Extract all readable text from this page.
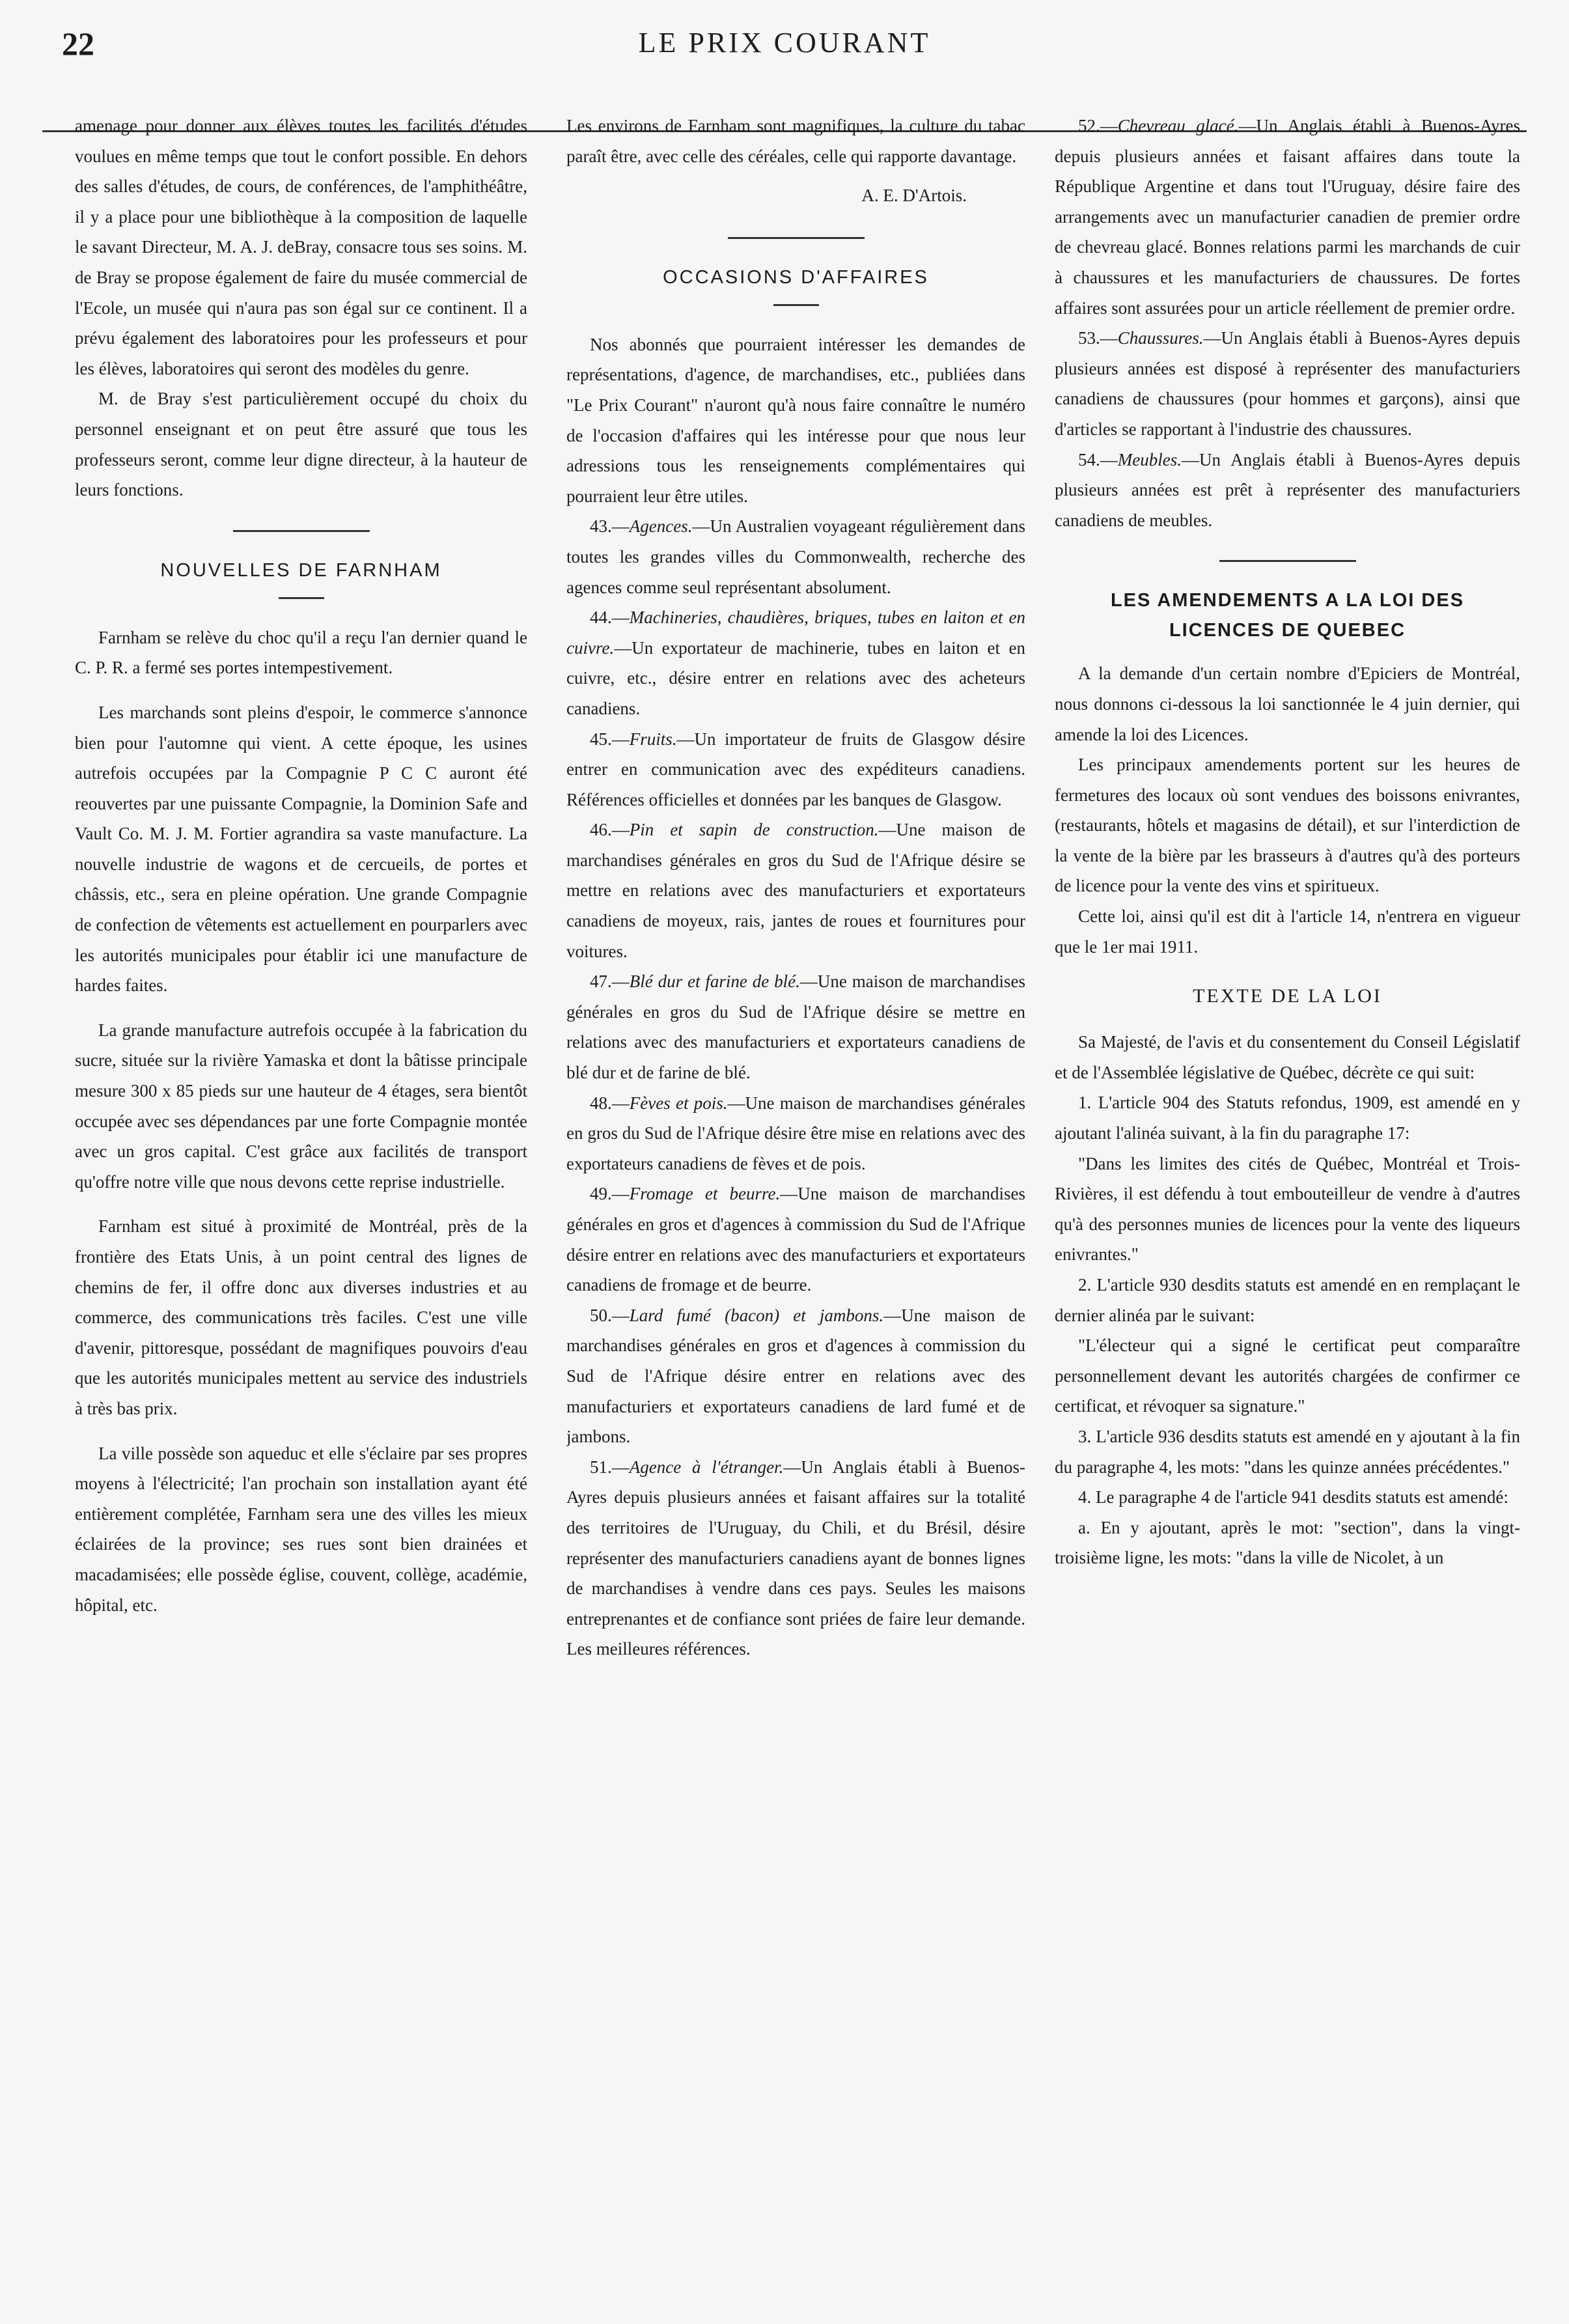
22	LE PRIX COURANT

amenage pour donner aux élèves toutes les facilités d'études voulues en même temps que tout le confort possible. En dehors des salles d'études, de cours, de conférences, de l'amphithéâtre, il y a place pour une bibliothèque à la composition de laquelle le savant Directeur, M. A. J. deBray, consacre tous ses soins. M. de Bray se propose également de faire du musée commercial de l'Ecole, un musée qui n'aura pas son égal sur ce continent. Il a prévu également des laboratoires pour les professeurs et pour les élèves, laboratoires qui seront des modèles du genre.

M. de Bray s'est particulièrement occupé du choix du personnel enseignant et on peut être assuré que tous les professeurs seront, comme leur digne directeur, à la hauteur de leurs fonctions.

NOUVELLES DE FARNHAM

Farnham se relève du choc qu'il a reçu l'an dernier quand le C. P. R. a fermé ses portes intempestivement.

Les marchands sont pleins d'espoir, le commerce s'annonce bien pour l'automne qui vient. A cette époque, les usines autrefois occupées par la Compagnie P C C auront été reouvertes par une puissante Compagnie, la Dominion Safe and Vault Co. M. J. M. Fortier agrandira sa vaste manufacture. La nouvelle industrie de wagons et de cercueils, de portes et châssis, etc., sera en pleine opération. Une grande Compagnie de confection de vêtements est actuellement en pourparlers avec les autorités municipales pour établir ici une manufacture de hardes faites.

La grande manufacture autrefois occupée à la fabrication du sucre, située sur la rivière Yamaska et dont la bâtisse principale mesure 300 x 85 pieds sur une hauteur de 4 étages, sera bientôt occupée avec ses dépendances par une forte Compagnie montée avec un gros capital. C'est grâce aux facilités de transport qu'offre notre ville que nous devons cette reprise industrielle.

Farnham est situé à proximité de Montréal, près de la frontière des Etats Unis, à un point central des lignes de chemins de fer, il offre donc aux diverses industries et au commerce, des communications très faciles. C'est une ville d'avenir, pittoresque, possédant de magnifiques pouvoirs d'eau que les autorités municipales mettent au service des industriels à très bas prix.

La ville possède son aqueduc et elle s'éclaire par ses propres moyens à l'électricité; l'an prochain son installation ayant été entièrement complétée, Farnham sera une des villes les mieux éclairées de la province; ses rues sont bien drainées et macadamisées; elle possède église, couvent, collège, académie, hôpital, etc.

Les environs de Farnham sont magnifiques, la culture du tabac paraît être, avec celle des céréales, celle qui rapporte davantage.

A. E. D'Artois.

OCCASIONS D'AFFAIRES

Nos abonnés que pourraient intéresser les demandes de représentations, d'agence, de marchandises, etc., publiées dans "Le Prix Courant" n'auront qu'à nous faire connaître le numéro de l'occasion d'affaires qui les intéresse pour que nous leur adressions tous les renseignements complémentaires qui pourraient leur être utiles.

43.—Agences.—Un Australien voyageant régulièrement dans toutes les grandes villes du Commonwealth, recherche des agences comme seul représentant absolument.

44.—Machineries, chaudières, briques, tubes en laiton et en cuivre.—Un exportateur de machinerie, tubes en laiton et en cuivre, etc., désire entrer en relations avec des acheteurs canadiens.

45.—Fruits.—Un importateur de fruits de Glasgow désire entrer en communication avec des expéditeurs canadiens. Références officielles et données par les banques de Glasgow.

46.—Pin et sapin de construction.—Une maison de marchandises générales en gros du Sud de l'Afrique désire se mettre en relations avec des manufacturiers et exportateurs canadiens de moyeux, rais, jantes de roues et fournitures pour voitures.

47.—Blé dur et farine de blé.—Une maison de marchandises générales en gros du Sud de l'Afrique désire se mettre en relations avec des manufacturiers et exportateurs canadiens de blé dur et de farine de blé.

48.—Fèves et pois.—Une maison de marchandises générales en gros du Sud de l'Afrique désire être mise en relations avec des exportateurs canadiens de fèves et de pois.

49.—Fromage et beurre.—Une maison de marchandises générales en gros et d'agences à commission du Sud de l'Afrique désire entrer en relations avec des manufacturiers et exportateurs canadiens de fromage et de beurre.

50.—Lard fumé (bacon) et jambons.—Une maison de marchandises générales en gros et d'agences à commission du Sud de l'Afrique désire entrer en relations avec des manufacturiers et exportateurs canadiens de lard fumé et de jambons.

51.—Agence à l'étranger.—Un Anglais établi à Buenos-Ayres depuis plusieurs années et faisant affaires sur la totalité des territoires de l'Uruguay, du Chili, et du Brésil, désire représenter des manufacturiers canadiens ayant de bonnes lignes de marchandises à vendre dans ces pays. Seules les maisons entreprenantes et de confiance sont priées de faire leur demande. Les meilleures références.

52.—Chevreau glacé.—Un Anglais établi à Buenos-Ayres depuis plusieurs années et faisant affaires dans toute la République Argentine et dans tout l'Uruguay, désire faire des arrangements avec un manufacturier canadien de premier ordre de chevreau glacé. Bonnes relations parmi les marchands de cuir à chaussures et les manufacturiers de chaussures. De fortes affaires sont assurées pour un article réellement de premier ordre.

53.—Chaussures.—Un Anglais établi à Buenos-Ayres depuis plusieurs années est disposé à représenter des manufacturiers canadiens de chaussures (pour hommes et garçons), ainsi que d'articles se rapportant à l'industrie des chaussures.

54.—Meubles.—Un Anglais établi à Buenos-Ayres depuis plusieurs années est prêt à représenter des manufacturiers canadiens de meubles.

LES AMENDEMENTS A LA LOI DES LICENCES DE QUEBEC

A la demande d'un certain nombre d'Epiciers de Montréal, nous donnons ci-dessous la loi sanctionnée le 4 juin dernier, qui amende la loi des Licences.

Les principaux amendements portent sur les heures de fermetures des locaux où sont vendues des boissons enivrantes, (restaurants, hôtels et magasins de détail), et sur l'interdiction de la vente de la bière par les brasseurs à d'autres qu'à des porteurs de licence pour la vente des vins et spiritueux.

Cette loi, ainsi qu'il est dit à l'article 14, n'entrera en vigueur que le 1er mai 1911.

TEXTE DE LA LOI

Sa Majesté, de l'avis et du consentement du Conseil Législatif et de l'Assemblée législative de Québec, décrète ce qui suit:

1. L'article 904 des Statuts refondus, 1909, est amendé en y ajoutant l'alinéa suivant, à la fin du paragraphe 17:

"Dans les limites des cités de Québec, Montréal et Trois-Rivières, il est défendu à tout embouteilleur de vendre à d'autres qu'à des personnes munies de licences pour la vente des liqueurs enivrantes."

2. L'article 930 desdits statuts est amendé en en remplaçant le dernier alinéa par le suivant:

"L'électeur qui a signé le certificat peut comparaître personnellement devant les autorités chargées de confirmer ce certificat, et révoquer sa signature."

3. L'article 936 desdits statuts est amendé en y ajoutant à la fin du paragraphe 4, les mots: "dans les quinze années précédentes."

4. Le paragraphe 4 de l'article 941 desdits statuts est amendé:

a. En y ajoutant, après le mot: "section", dans la vingt-troisième ligne, les mots: "dans la ville de Nicolet, à un
